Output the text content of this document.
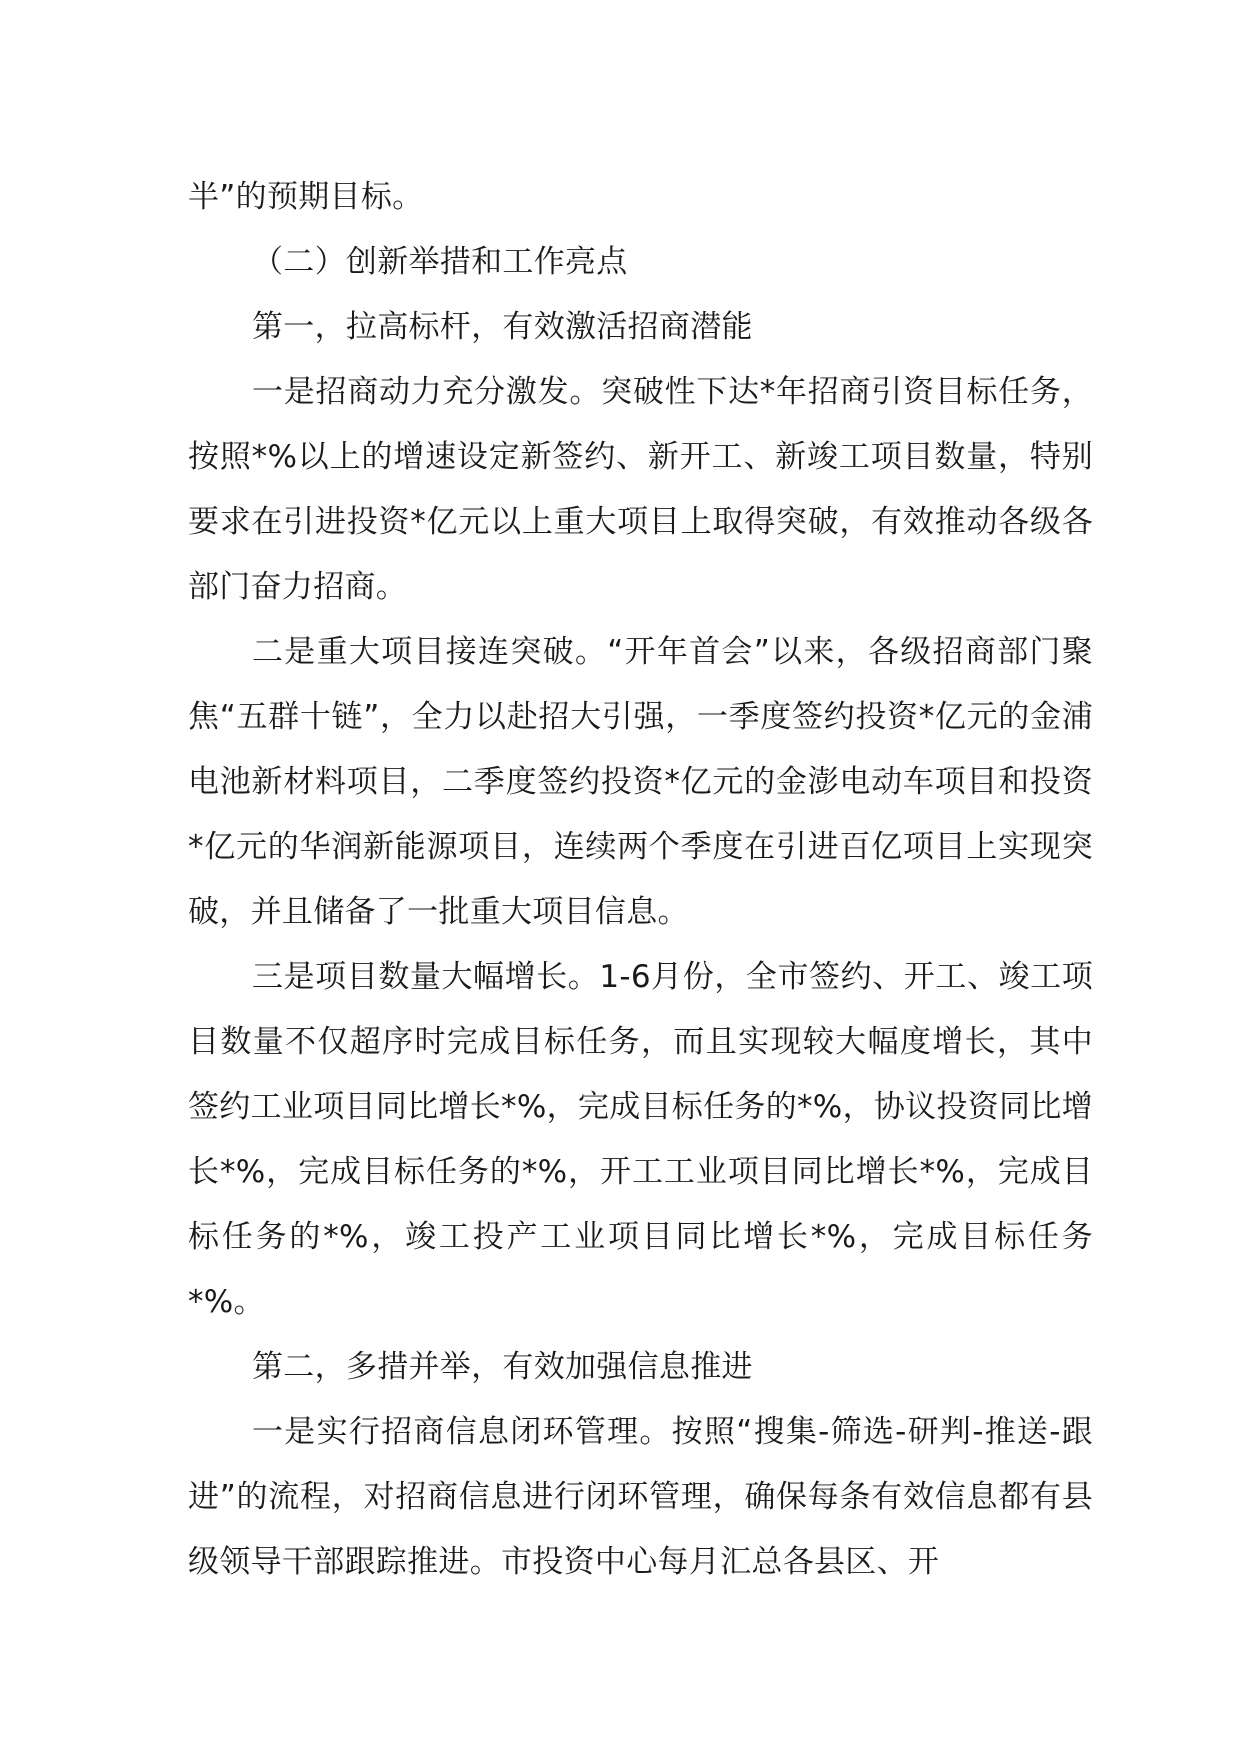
半”的预期目标。

（二）创新举措和工作亮点

第一，拉高标杆，有效激活招商潜能

一是招商动力充分激发。突破性下达*年招商引资目标任务，按照*%以上的增速设定新签约、新开工、新竣工项目数量，特别要求在引进投资*亿元以上重大项目上取得突破，有效推动各级各部门奋力招商。

二是重大项目接连突破。“开年首会”以来，各级招商部门聚焦“五群十链”，全力以赴招大引强，一季度签约投资*亿元的金浦电池新材料项目，二季度签约投资*亿元的金澎电动车项目和投资*亿元的华润新能源项目，连续两个季度在引进百亿项目上实现突破，并且储备了一批重大项目信息。

三是项目数量大幅增长。1-6月份，全市签约、开工、竣工项目数量不仅超序时完成目标任务，而且实现较大幅度增长，其中签约工业项目同比增长*%，完成目标任务的*%，协议投资同比增长*%，完成目标任务的*%，开工工业项目同比增长*%，完成目标任务的*%，竣工投产工业项目同比增长*%，完成目标任务*%。

第二，多措并举，有效加强信息推进

一是实行招商信息闭环管理。按照“搜集-筛选-研判-推送-跟进”的流程，对招商信息进行闭环管理，确保每条有效信息都有县级领导干部跟踪推进。市投资中心每月汇总各县区、开
